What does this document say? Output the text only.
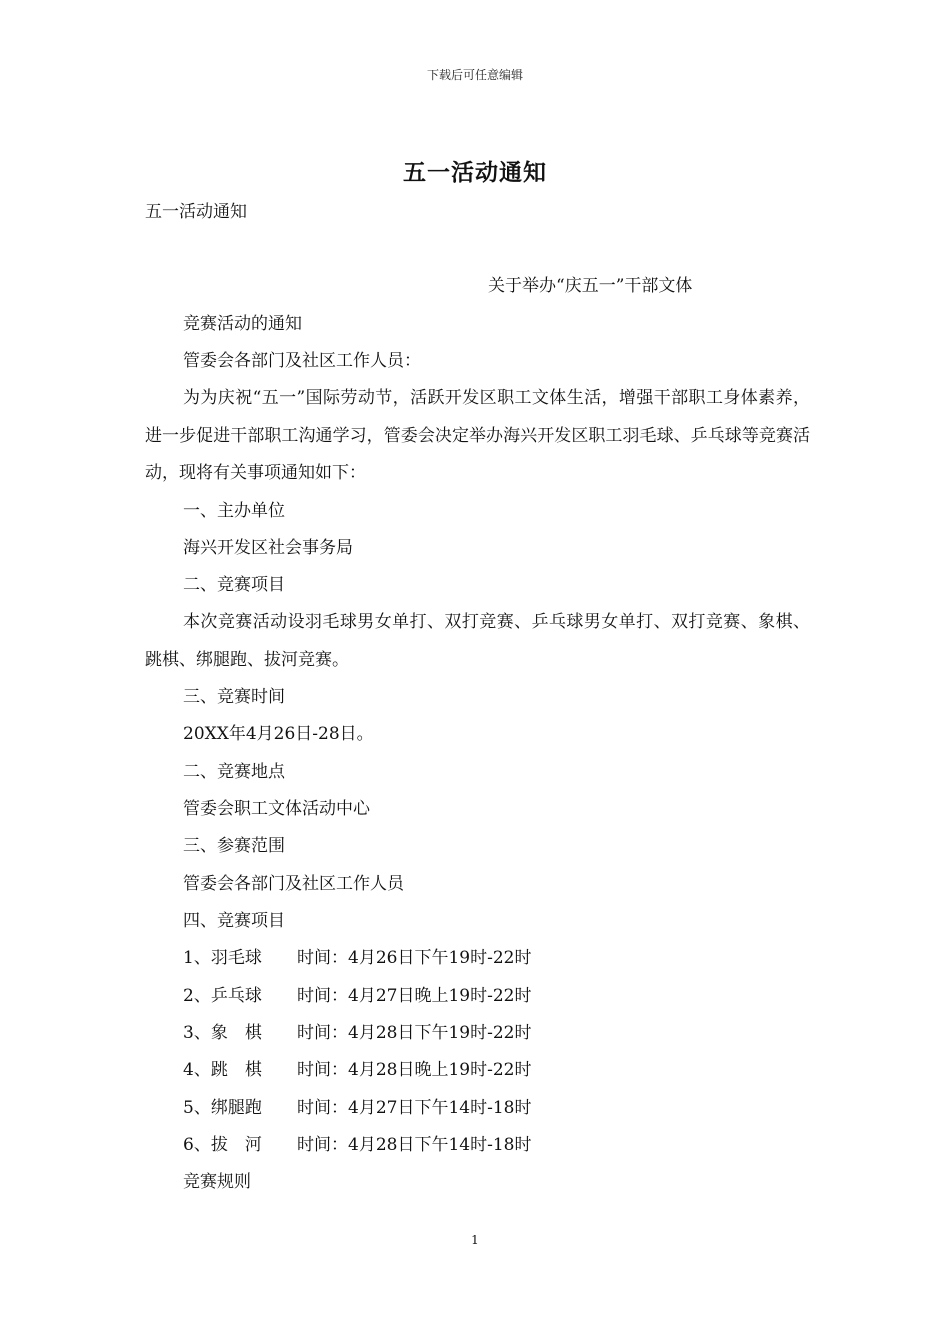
下载后可任意编辑
五一活动通知
五一活动通知
关于举办“庆五一”干部文体
竞赛活动的通知
管委会各部门及社区工作人员：

为为庆祝“五一”国际劳动节，活跃开发区职工文体生活，增强干部职工身体素养，进一步促进干部职工沟通学习，管委会决定举办海兴开发区职工羽毛球、乒乓球等竞赛活动，现将有关事项通知如下：

一、主办单位
海兴开发区社会事务局
二、竞赛项目

本次竞赛活动设羽毛球男女单打、双打竞赛、乒乓球男女单打、双打竞赛、象棋、跳棋、绑腿跑、拔河竞赛。

三、竞赛时间
20XX年4月26日-28日。
二、竞赛地点
管委会职工文体活动中心
三、参赛范围
管委会各部门及社区工作人员
四、竞赛项目
1、羽毛球 时间：4月26日下午19时-22时
2、乒乓球 时间：4月27日晚上19时-22时
3、象　棋 时间：4月28日下午19时-22时
4、跳　棋 时间：4月28日晚上19时-22时
5、绑腿跑 时间：4月27日下午14时-18时
6、拔　河 时间：4月28日下午14时-18时
竞赛规则
1
